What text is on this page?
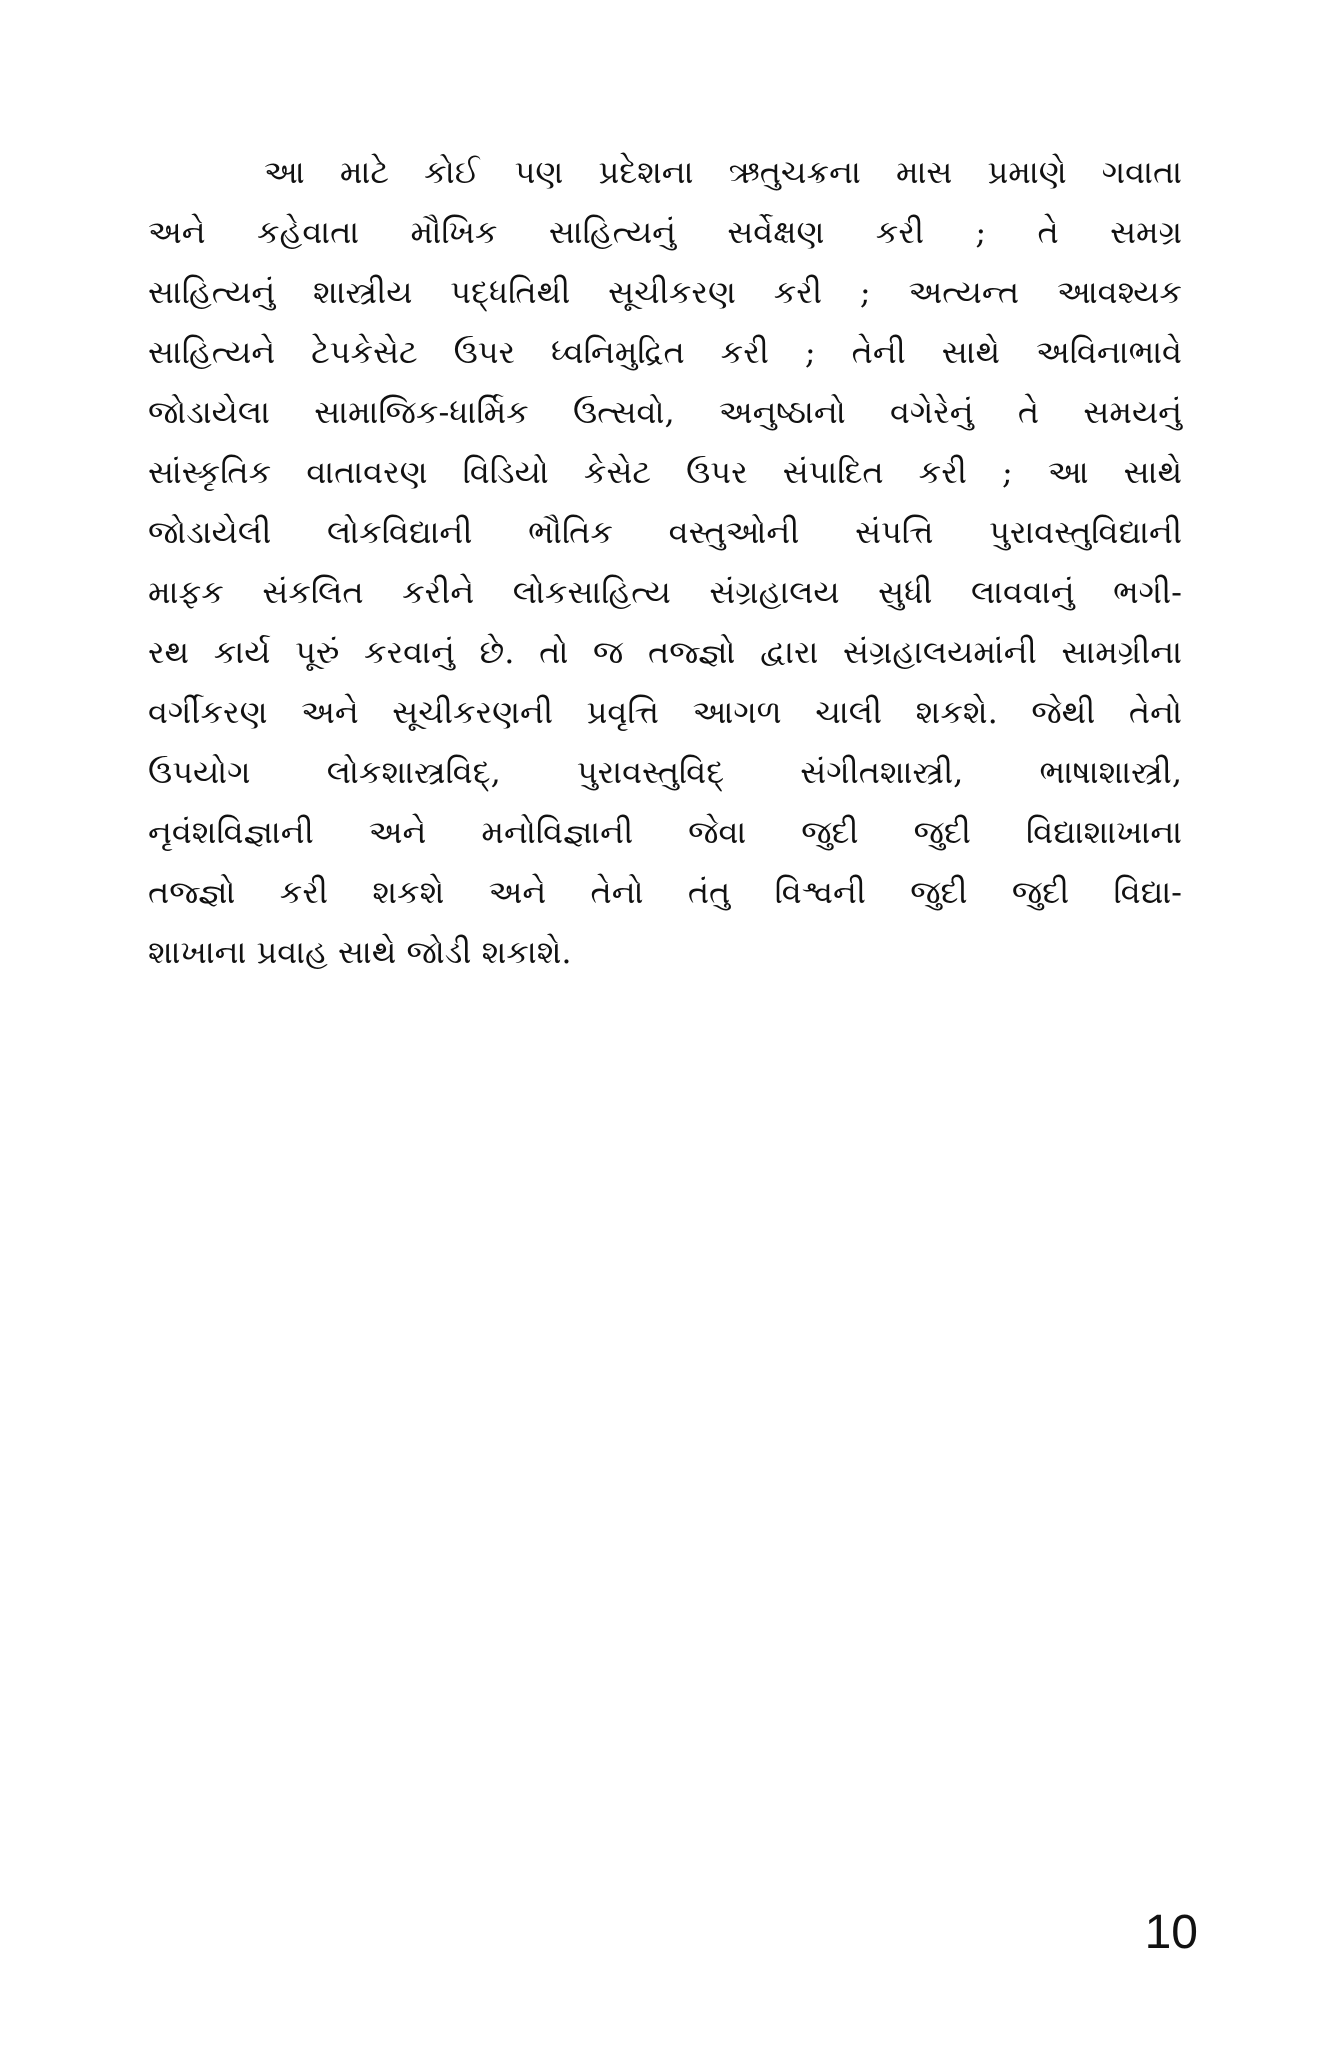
આ માટે કોઈ પણ પ્રદેશના ઋતુચક્રના માસ પ્રમાણે ગવાતા
અને કહેવાતા મૌખિક સાહિત્યનું સર્વેક્ષણ કરી ; તે સમગ્ર
સાહિત્યનું શાસ્ત્રીય પદ્ધતિથી સૂચીકરણ કરી ; અત્યન્ત આવશ્યક
સાહિત્યને ટેપકેસેટ ઉપર ધ્વનિમુદ્રિત કરી ; તેની સાથે અવિનાભાવે
જોડાયેલા સામાજિક-ધાર્મિક ઉત્સવો, અનુષ્ઠાનો વગેરેનું તે સમયનું
સાંસ્કૃતિક વાતાવરણ વિડિયો કેસેટ ઉપર સંપાદિત કરી ; આ સાથે
જોડાયેલી લોકવિદ્યાની ભૌતિક વસ્તુઓની સંપત્તિ પુરાવસ્તુવિદ્યાની
માફક સંકલિત કરીને લોકસાહિત્ય સંગ્રહાલય સુધી લાવવાનું ભગી-
રથ કાર્ય પૂરું કરવાનું છે. તો જ તજ્જ્ઞો દ્વારા સંગ્રહાલયમાંની સામગ્રીના
વર્ગીકરણ અને સૂચીકરણની પ્રવૃત્તિ આગળ ચાલી શકશે. જેથી તેનો
ઉપયોગ લોકશાસ્ત્રવિદ્, પુરાવસ્તુવિદ્ સંગીતશાસ્ત્રી, ભાષાશાસ્ત્રી,
નૃવંશવિજ્ઞાની અને મનોવિજ્ઞાની જેવા જુદી જુદી વિદ્યાશાખાના
તજ્જ્ઞો કરી શકશે અને તેનો તંતુ વિશ્વની જુદી જુદી વિદ્યા-
શાખાના પ્રવાહ સાથે જોડી શકાશે.
10
